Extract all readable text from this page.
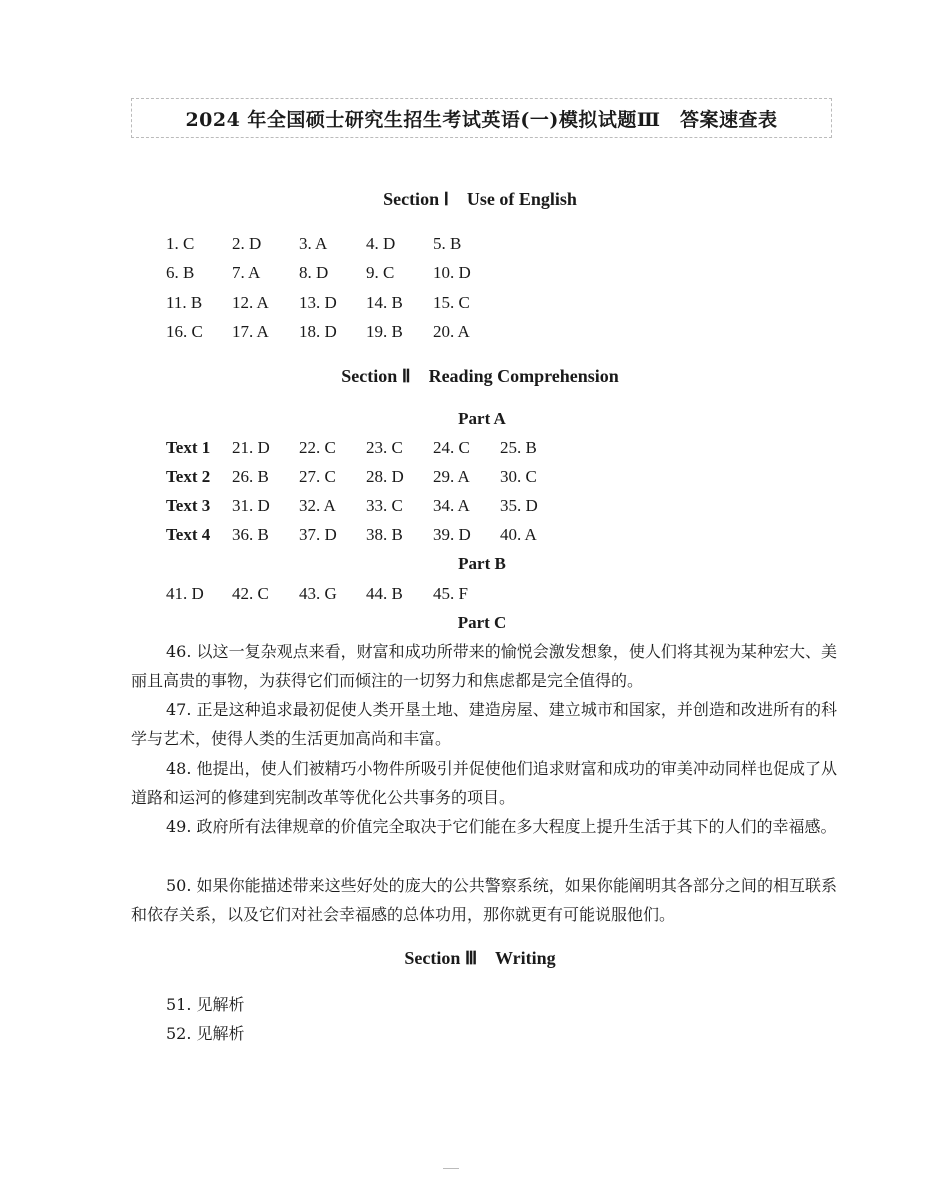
2024 年全国硕士研究生招生考试英语(一)模拟试题Ⅲ　答案速查表
Section Ⅰ    Use of English
1. C 2. D 3. A 4. D 5. B
6. B 7. A 8. D 9. C 10. D
11. B 12. A 13. D 14. B 15. C
16. C 17. A 18. D 19. B 20. A
Section Ⅱ    Reading Comprehension
Part A
Text 1 21. D 22. C 23. C 24. C 25. B
Text 2 26. B 27. C 28. D 29. A 30. C
Text 3 31. D 32. A 33. C 34. A 35. D
Text 4 36. B 37. D 38. B 39. D 40. A
Part B
41. D 42. C 43. G 44. B 45. F
Part C

46. 以这一复杂观点来看，财富和成功所带来的愉悦会激发想象，使人们将其视为某种宏大、美丽且高贵的事物，为获得它们而倾注的一切努力和焦虑都是完全值得的。

47. 正是这种追求最初促使人类开垦土地、建造房屋、建立城市和国家，并创造和改进所有的科学与艺术，使得人类的生活更加高尚和丰富。

48. 他提出，使人们被精巧小物件所吸引并促使他们追求财富和成功的审美冲动同样也促成了从道路和运河的修建到宪制改革等优化公共事务的项目。

49. 政府所有法律规章的价值完全取决于它们能在多大程度上提升生活于其下的人们的幸福感。

50. 如果你能描述带来这些好处的庞大的公共警察系统，如果你能阐明其各部分之间的相互联系和依存关系，以及它们对社会幸福感的总体功用，那你就更有可能说服他们。

Section Ⅲ    Writing
51. 见解析
52. 见解析
